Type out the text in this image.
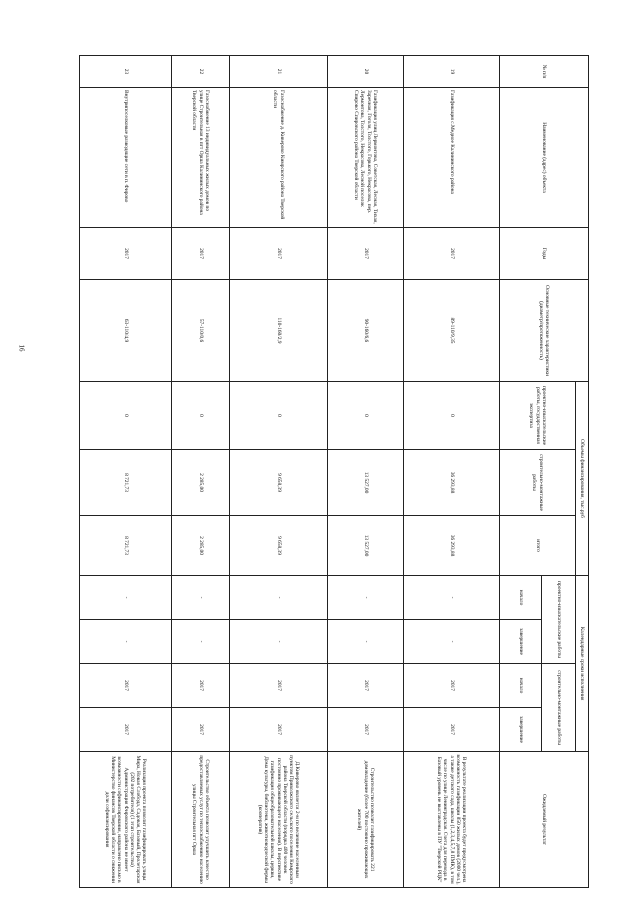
16
№ п/п	Наименование (адрес) объекта	Годы	Основные технические характеристики (диаметр/протяженность)	Объемы финансирования, тыс.руб			Календарные сроки исполнения				Ожидаемый результат
				проектно-изыскательские работы, государственная экспертиза	строительно-монтажные работы	итого	проектно-изыскательские работы		строительно-монтажные работы		
							начало	завершение	начало	завершение	
19	Газификация с.Медное Калининского района	2017	89-110/9,35	0	36 293,88	36 293,88	-	-	2017	2017	В результате реализации проекта будет предусмотрена возможность газификации 850 жилых домов (2000 чел.), а также детского сада, школы (1,2,3,4,5,7,8 ПМК), в том числе по улице Ленинградская. Счета для перевода в Базовый уровень не выставлены в ПУ "Тверской РЦК"
20	Газификация улиц Лермонтова, Советская, Лесная, Тихая, Заречная, Гоголя, Толстого, Горького, Некрасова, пер. Лермонтова, Толстого, Некрасова, Лесной поселок Спирово Спировского района Тверской области	2017	90-160/6,6	0	13 527,00	13 527,00	-	-	2017	2017	Строительство позволит газифицировать 221 домовладение (более 700 постоянно проживающих жителей)
21	Газоснабжение д. Киверово Кимрского района Тверской области	2017	110-160/2,9	0	9 658,39	9 658,39	-	-	2017	2017	Д.Киверово является 2-м по величине населенным пунктом Приволжского сельского поселения Кимрского района Тверской области (порядка 400 человек постоянно проживающего населения). В перспективе газификация общеобразовательной школы, церкви, Дома культуры, библиотеки, животноводческой фермы (кооператив)
22	Газоснабжение 13 индивидуальных жилых домов по улице Строительная в пгт Орша Калининского района Тверской области	2017	57-110/0,6	0	2 285,00	2 285,00	-	-	2017	2017	Строительство объекта позволит улучшить качество предоставляемых услуг по теплоснабжению населению улицы Строительная пгт Орша
23	Внутрипоселковые разводящие сети в п. Фирово	2017	63-110/4,9	0	8 721,73	8 721,73	-	-	2017	2017	Реализация проекта позволит газифицировать улицы Мира, Новая Слобода, Садовая, Базовый, Пролетарская (202 потребителя) (1 этап строительства) Администрация Фировского района не имеет возможности софинансирования, направлено письмо в Министерство финансов Тверской области о снижении доли софинансирования
